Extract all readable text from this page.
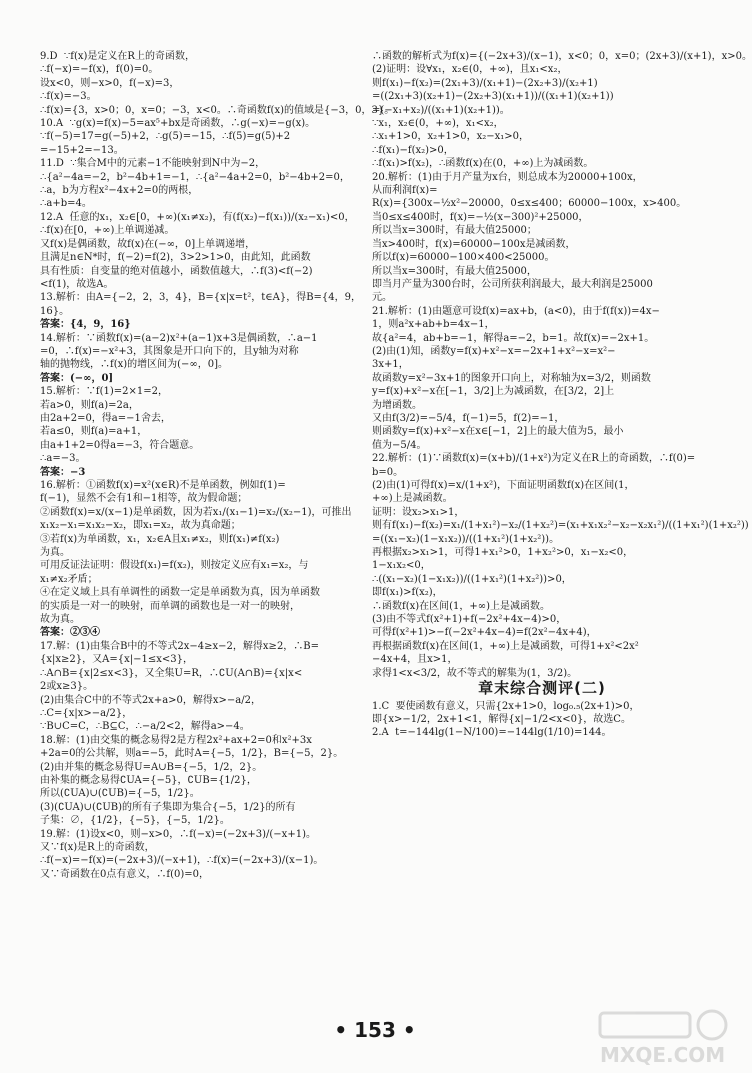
9.D  ∵f(x)是定义在R上的奇函数，
∴f(−x)=−f(x)，f(0)=0。
设x<0，则−x>0，f(−x)=3，
∴f(x)=−3。
∴f(x)={3，x>0；0，x=0；−3，x<0。∴奇函数f(x)的值域是{−3，0，3}。
10.A  ∵g(x)=f(x)−5=ax⁵+bx是奇函数，∴g(−x)=−g(x)。
∵f(−5)=17=g(−5)+2，∴g(5)=−15，∴f(5)=g(5)+2
=−15+2=−13。
11.D  ∵集合M中的元素−1不能映射到N中为−2，
∴{a²−4a=−2，b²−4b+1=−1，∴{a²−4a+2=0，b²−4b+2=0，
∴a，b为方程x²−4x+2=0的两根，
∴a+b=4。
12.A  任意的x₁，x₂∈[0，+∞)(x₁≠x₂)，有(f(x₂)−f(x₁))/(x₂−x₁)<0，
∴f(x)在[0，+∞)上单调递减。
又f(x)是偶函数，故f(x)在(−∞，0]上单调递增，
且满足n∈N*时，f(−2)=f(2)，3>2>1>0，由此知，此函数
具有性质：自变量的绝对值越小，函数值越大，∴f(3)<f(−2)
<f(1)，故选A。
13.解析：由A={−2，2，3，4}，B={x|x=t²，t∈A}，得B={4，9，
16}。
答案：{4，9，16}
14.解析：∵函数f(x)=(a−2)x²+(a−1)x+3是偶函数，∴a−1
=0，∴f(x)=−x²+3，其图象是开口向下的，且y轴为对称
轴的抛物线，∴f(x)的增区间为(−∞，0]。
答案：(−∞，0]
15.解析：∵f(1)=2×1=2，
若a>0，则f(a)=2a，
由2a+2=0，得a=−1舍去，
若a≤0，则f(a)=a+1，
由a+1+2=0得a=−3，符合题意。
∴a=−3。
答案：−3
16.解析：①函数f(x)=x²(x∈R)不是单函数，例如f(1)=
f(−1)，显然不会有1和−1相等，故为假命题；
②函数f(x)=x/(x−1)是单函数，因为若x₁/(x₁−1)=x₂/(x₂−1)，可推出
x₁x₂−x₁=x₁x₂−x₂，即x₁=x₂，故为真命题；
③若f(x)为单函数，x₁，x₂∈A且x₁≠x₂，则f(x₁)≠f(x₂)
为真。
可用反证法证明：假设f(x₁)=f(x₂)，则按定义应有x₁=x₂，与
x₁≠x₂矛盾；
④在定义域上具有单调性的函数一定是单函数为真，因为单函数
的实质是一对一的映射，而单调的函数也是一对一的映射，
故为真。
答案：②③④
17.解：(1)由集合B中的不等式2x−4≥x−2，解得x≥2，∴B=
{x|x≥2}，又A={x|−1≤x<3}，
∴A∩B={x|2≤x<3}，又全集U=R，∴∁U(A∩B)={x|x<
2或x≥3}。
(2)由集合C中的不等式2x+a>0，解得x>−a/2，
∴C={x|x>−a/2}，
∵B∪C=C，∴B⊆C，∴−a/2<2，解得a>−4。
18.解：(1)由交集的概念易得2是方程2x²+ax+2=0和x²+3x
+2a=0的公共解，则a=−5，此时A={−5，1/2}，B={−5，2}。
(2)由并集的概念易得U=A∪B={−5，1/2，2}。
由补集的概念易得∁UA={−5}，∁UB={1/2}，
所以(∁UA)∪(∁UB)={−5，1/2}。
(3)(∁UA)∪(∁UB)的所有子集即为集合{−5，1/2}的所有
子集：∅，{1/2}，{−5}，{−5，1/2}。
19.解：(1)设x<0，则−x>0，∴f(−x)=(−2x+3)/(−x+1)。
又∵f(x)是R上的奇函数，
∴f(−x)=−f(x)=(−2x+3)/(−x+1)，∴f(x)=(−2x+3)/(x−1)。
又∵奇函数在0点有意义，∴f(0)=0，
∴函数的解析式为f(x)={(−2x+3)/(x−1)，x<0；0，x=0；(2x+3)/(x+1)，x>0。
(2)证明：设∀x₁，x₂∈(0，+∞)，且x₁<x₂，
则f(x₁)−f(x₂)=(2x₁+3)/(x₁+1)−(2x₂+3)/(x₂+1)
=((2x₁+3)(x₂+1)−(2x₂+3)(x₁+1))/((x₁+1)(x₂+1))
=(−x₁+x₂)/((x₁+1)(x₂+1))。
∵x₁，x₂∈(0，+∞)，x₁<x₂，
∴x₁+1>0，x₂+1>0，x₂−x₁>0，
∴f(x₁)−f(x₂)>0，
∴f(x₁)>f(x₂)，∴函数f(x)在(0，+∞)上为减函数。
20.解析：(1)由于月产量为x台，则总成本为20000+100x，
从而利润f(x)=
R(x)={300x−½x²−20000，0≤x≤400；60000−100x，x>400。
当0≤x≤400时，f(x)=−½(x−300)²+25000，
所以当x=300时，有最大值25000；
当x>400时，f(x)=60000−100x是减函数，
所以f(x)=60000−100×400<25000。
所以当x=300时，有最大值25000，
即当月产量为300台时，公司所获利润最大，最大利润是25000
元。
21.解析：(1)由题意可设f(x)=ax+b，(a<0)，由于f(f(x))=4x−
1，则a²x+ab+b=4x−1，
故{a²=4，ab+b=−1，解得a=−2，b=1。故f(x)=−2x+1。
(2)由(1)知，函数y=f(x)+x²−x=−2x+1+x²−x=x²−
3x+1，
故函数y=x²−3x+1的图象开口向上，对称轴为x=3/2，则函数
y=f(x)+x²−x在[−1，3/2]上为减函数，在[3/2，2]上
为增函数。
又由f(3/2)=−5/4，f(−1)=5，f(2)=−1，
则函数y=f(x)+x²−x在x∈[−1，2]上的最大值为5，最小
值为−5/4。
22.解析：(1)∵函数f(x)=(x+b)/(1+x²)为定义在R上的奇函数，∴f(0)=
b=0。
(2)由(1)可得f(x)=x/(1+x²)，下面证明函数f(x)在区间(1，
+∞)上是减函数。
证明：设x₂>x₁>1，
则有f(x₁)−f(x₂)=x₁/(1+x₁²)−x₂/(1+x₂²)=(x₁+x₁x₂²−x₂−x₂x₁²)/((1+x₁²)(1+x₂²))
=((x₁−x₂)(1−x₁x₂))/((1+x₁²)(1+x₂²))。
再根据x₂>x₁>1，可得1+x₁²>0，1+x₂²>0，x₁−x₂<0，
1−x₁x₂<0，
∴((x₁−x₂)(1−x₁x₂))/((1+x₁²)(1+x₂²))>0，
即f(x₁)>f(x₂)，
∴函数f(x)在区间(1，+∞)上是减函数。
(3)由不等式f(x²+1)+f(−2x²+4x−4)>0，
可得f(x²+1)>−f(−2x²+4x−4)=f(2x²−4x+4)，
再根据函数f(x)在区间(1，+∞)上是减函数，可得1+x²<2x²
−4x+4，且x>1，
求得1<x<3/2，故不等式的解集为(1，3/2)。
章末综合测评(二)
1.C  要使函数有意义，只需{2x+1>0，log₀.₅(2x+1)>0，
即{x>−1/2，2x+1<1，解得{x|−1/2<x<0}，故选C。
2.A  t=−144lg(1−N/100)=−144lg(1/10)=144。
• 153 •
MXQE.COM
